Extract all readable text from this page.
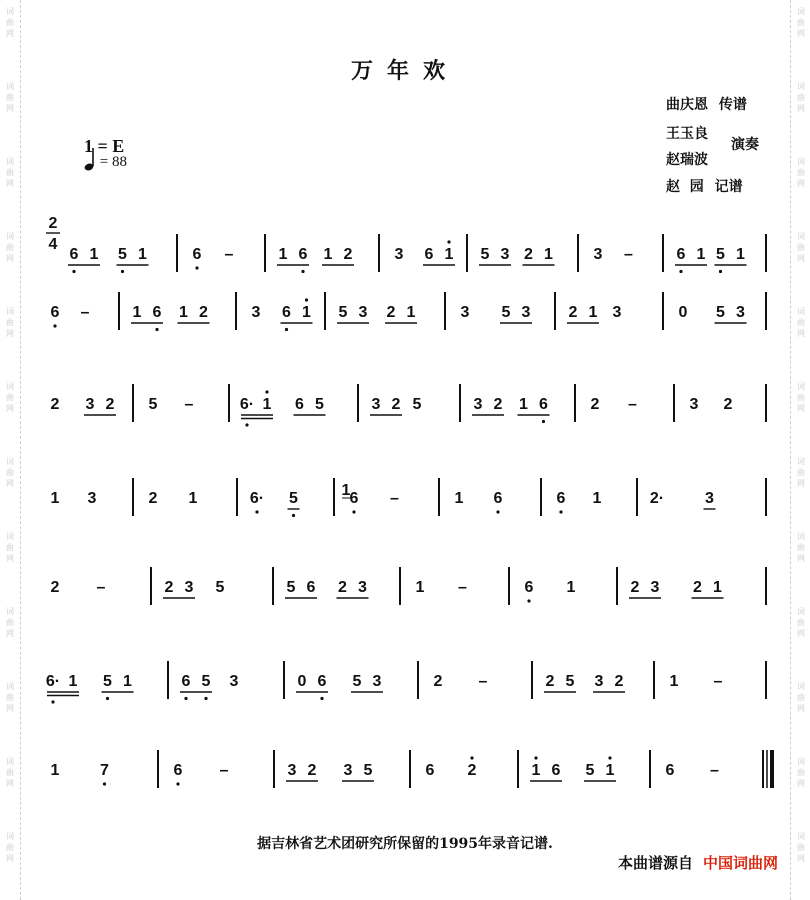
词
曲
网
词
曲
网
词
曲
网
词
曲
网
词
曲
网
词
曲
网
词
曲
网
词
曲
网
词
曲
网
词
曲
网
词
曲
网
词
曲
网
词
曲
网
词
曲
网
词
曲
网
词
曲
网
词
曲
网
词
曲
网
词
曲
网
词
曲
网
词
曲
网
词
曲
网
词
曲
网
词
曲
网
万年欢
1 = E
= 88
曲庆恩 传谱
王玉良
赵瑞波
演奏
赵  园 记谱
2
4
6 1 5 1	6 –	1 6 1 2	3 6 1 5 3 2 1	3 –	6 1 5 1
6 –	1 6 1 2	3 6 1 5 3 2 1	3 5 3 2 1 3	0 5 3
2 3 2 5 –	6· 1 6 5	3 2 5	3 2 1 6	2 –	3 2
1 3	2 1	6· 5	6
1 –	1 6	6 1	2·	3
2 –	2 3 5	5 6 2 3	1 –	6 1	2 3 2 1
6· 1 5 1	6 5 3	0 6 5 3	2 –	2 5 3 2	1 –
1	7	6 –	3 2 3 5	6 2	1 6 5 1	6 –
据吉林省艺术团研究所保留的1995年录音记谱.
本曲谱源自 中国词曲网
